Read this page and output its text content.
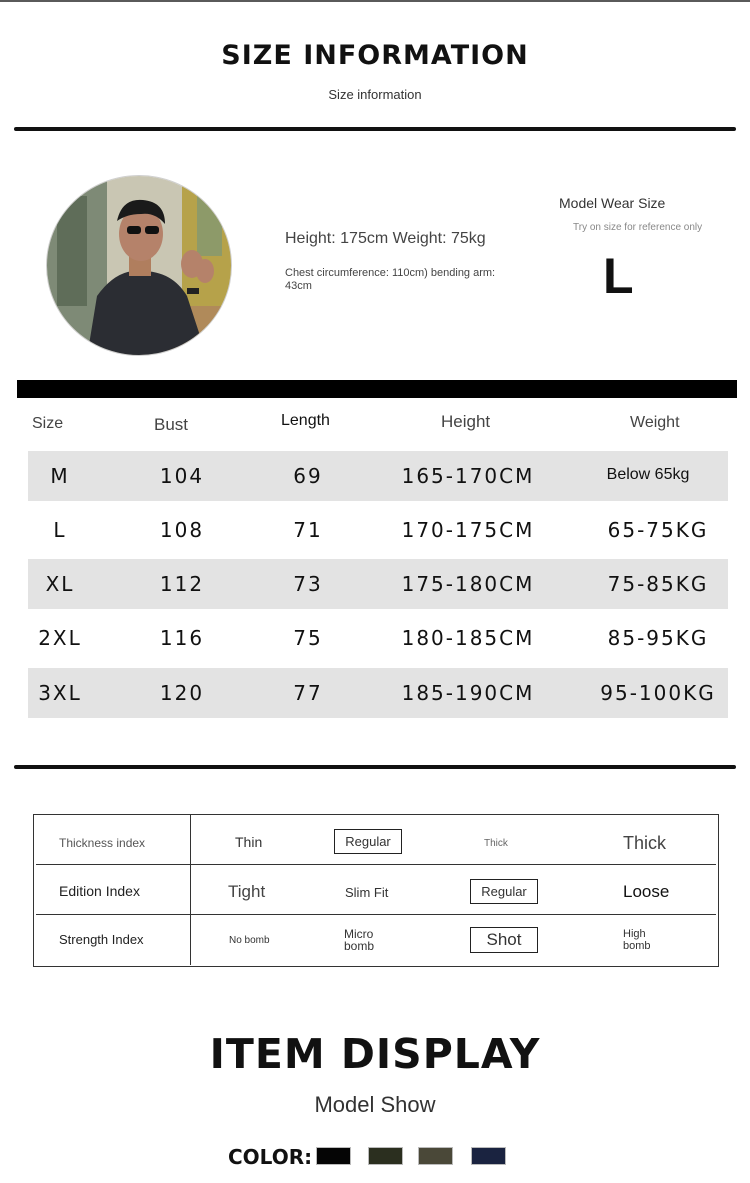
SIZE INFORMATION
Size information
Height: 175cm Weight: 75kg
Chest circumference: 110cm) bending arm: 43cm
Model Wear Size
Try on size for reference only
L
Size	Bust	Length	Height	Weight
M	104	69	165-170CM	Below 65kg
L	108	71	170-175CM	65-75KG
XL	112	73	175-180CM	75-85KG
2XL	116	75	180-185CM	85-95KG
3XL	120	77	185-190CM	95-100KG
Thickness index	Thin	Regular	Thick	Thick
Edition Index	Tight	Slim Fit	Regular	Loose
Strength Index	No bomb	Micro bomb	Shot	High bomb
ITEM DISPLAY
Model Show
COLOR:
